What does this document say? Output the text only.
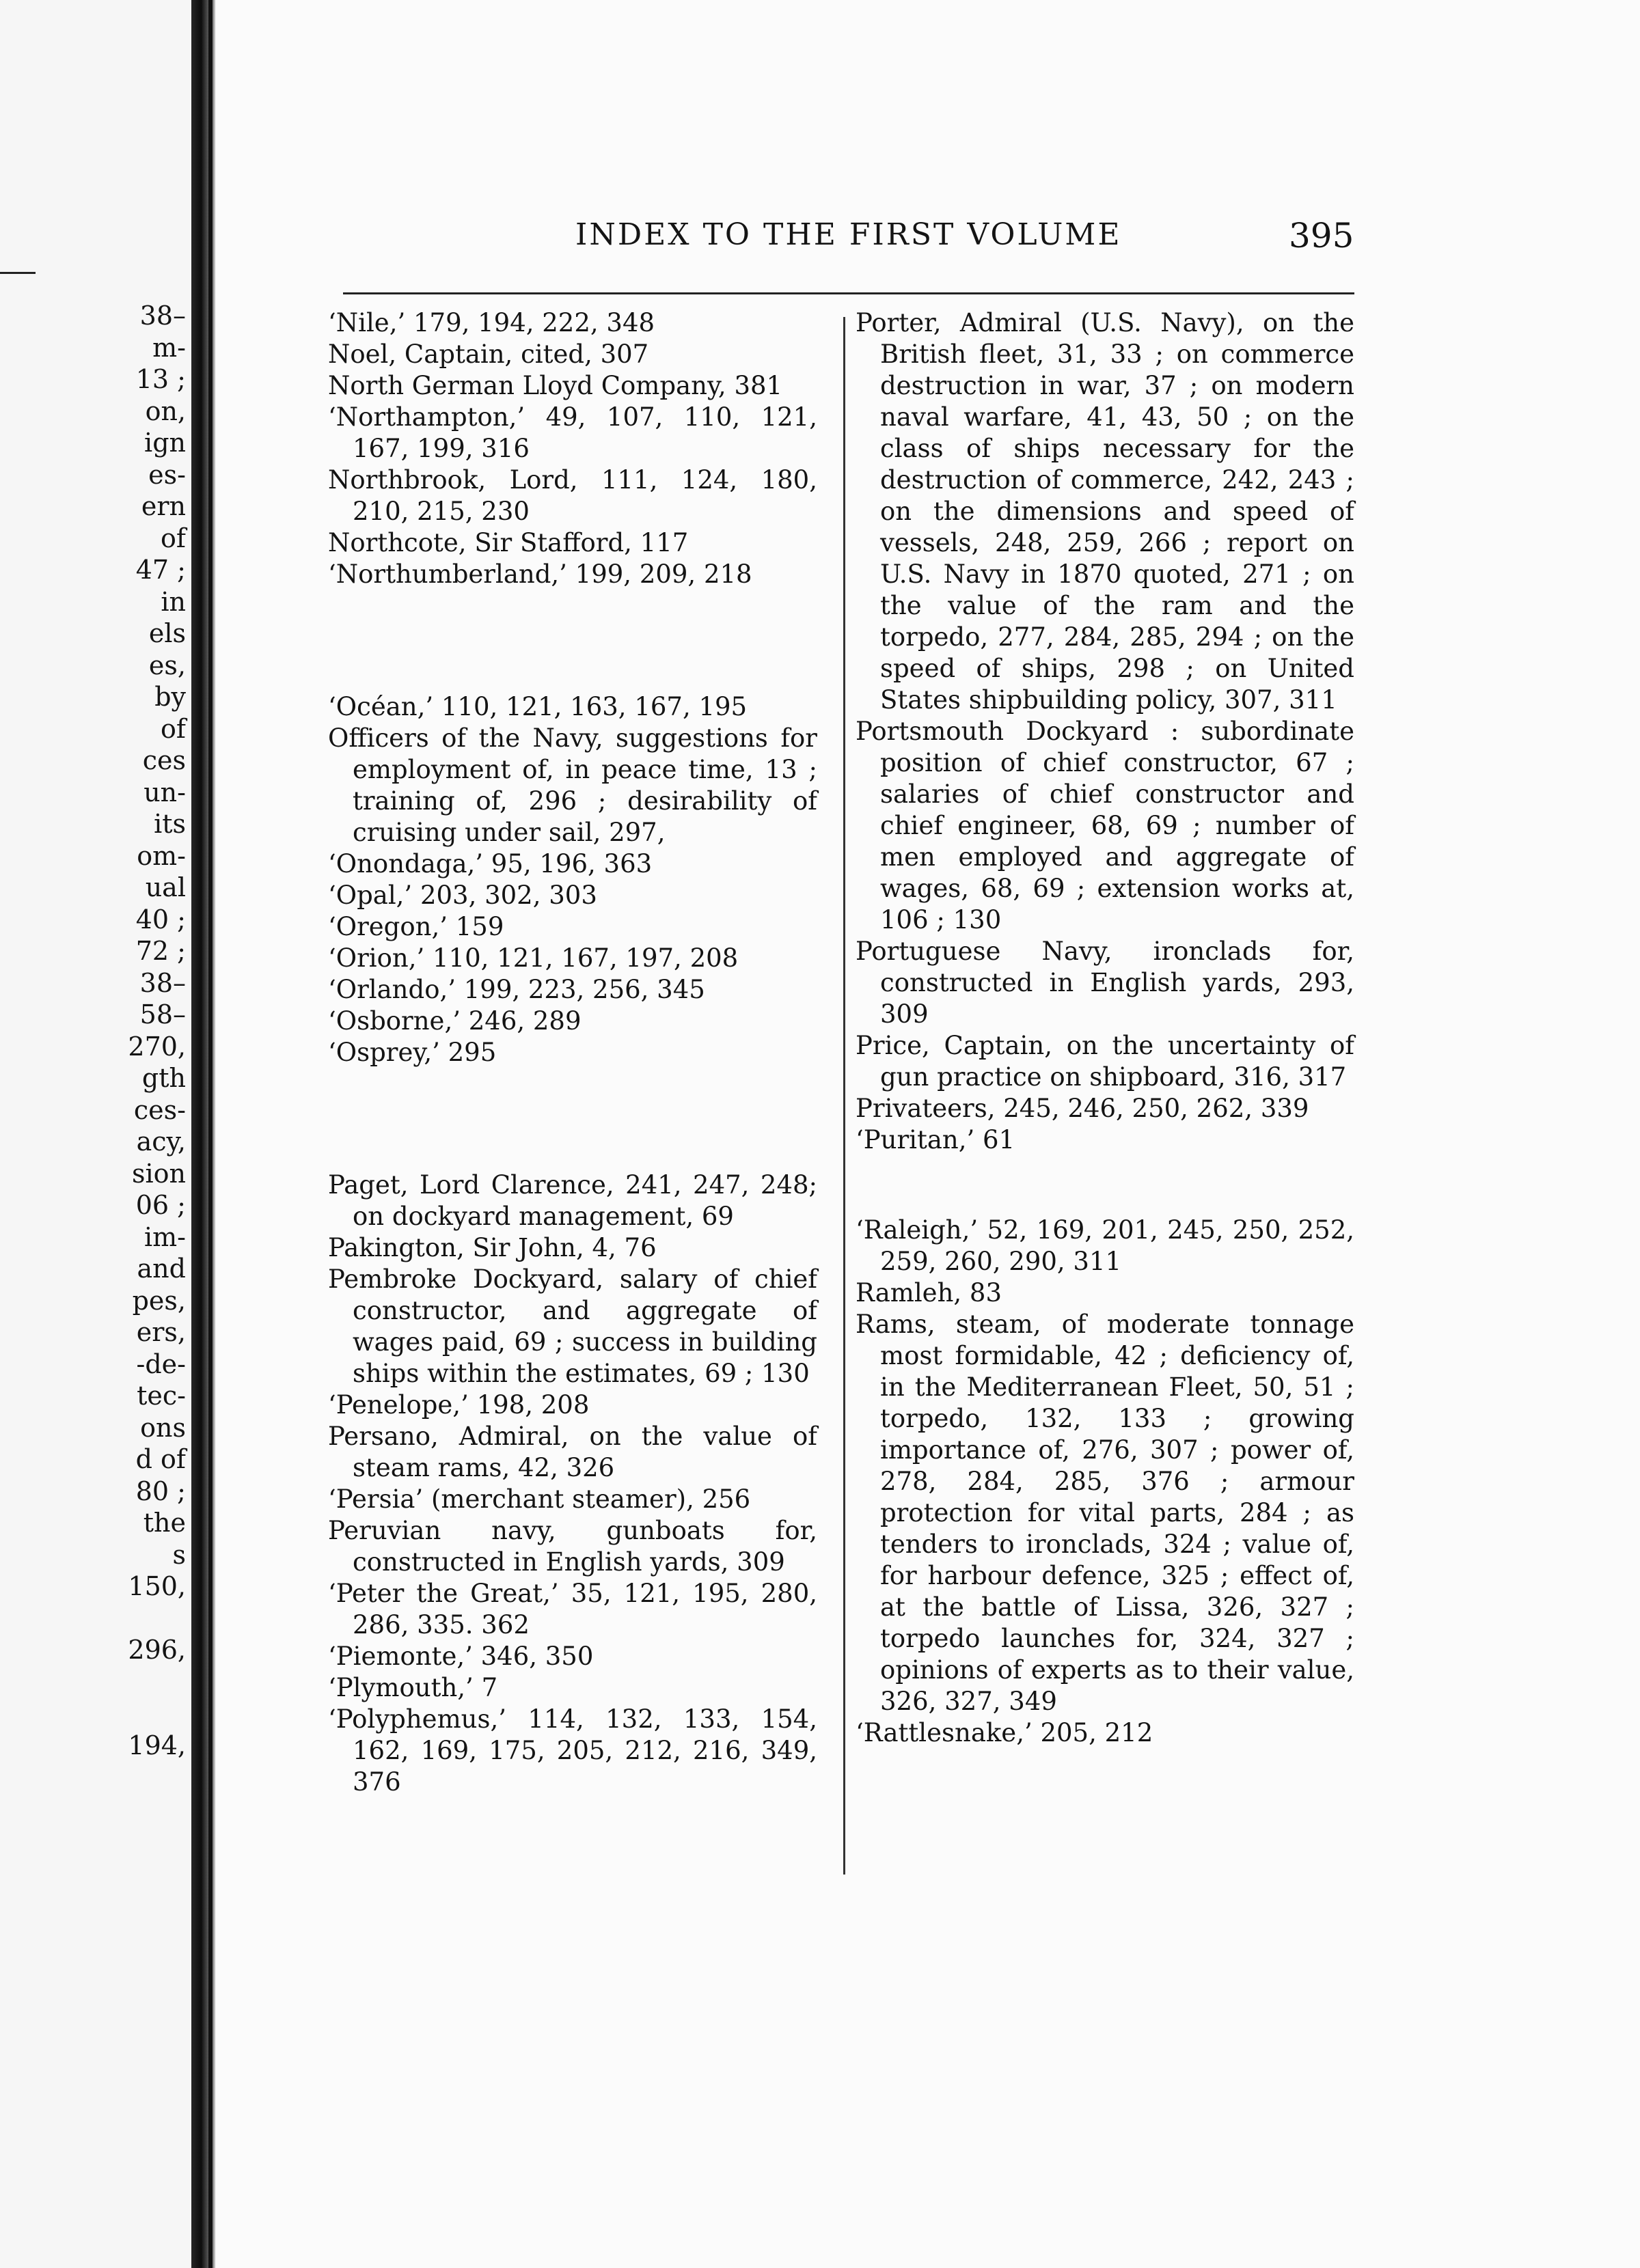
38–
m-
13 ;
on,
ign
es-
ern
of
47 ;
in
els
es,
by
of
ces
un-
its
om-
ual
40 ;
72 ;
38–
58–
270,
gth
ces-
acy,
sion
06 ;
im-
and
pes,
ers,
-de-
tec-
ons
d of
80 ;
the
s
150,
296,
194,
INDEX TO THE FIRST VOLUME	395

‘Nile,’ 179, 194, 222, 348

Noel, Captain, cited, 307

North German Lloyd Company, 381

‘Northampton,’ 49, 107, 110, 121, 167, 199, 316

Northbrook, Lord, 111, 124, 180, 210, 215, 230

Northcote, Sir Stafford, 117

‘Northumberland,’ 199, 209, 218

‘Océan,’ 110, 121, 163, 167, 195

Officers of the Navy, suggestions for employment of, in peace time, 13 ; training of, 296 ; desirability of cruising under sail, 297,

‘Onondaga,’ 95, 196, 363

‘Opal,’ 203, 302, 303

‘Oregon,’ 159

‘Orion,’ 110, 121, 167, 197, 208

‘Orlando,’ 199, 223, 256, 345

‘Osborne,’ 246, 289

‘Osprey,’ 295

Paget, Lord Clarence, 241, 247, 248; on dockyard management, 69

Pakington, Sir John, 4, 76

Pembroke Dockyard, salary of chief constructor, and aggregate of wages paid, 69 ; success in building ships within the estimates, 69 ; 130

‘Penelope,’ 198, 208

Persano, Admiral, on the value of steam rams, 42, 326

‘Persia’ (merchant steamer), 256

Peruvian navy, gunboats for, constructed in English yards, 309

‘Peter the Great,’ 35, 121, 195, 280, 286, 335. 362

‘Piemonte,’ 346, 350

‘Plymouth,’ 7

‘Polyphemus,’ 114, 132, 133, 154, 162, 169, 175, 205, 212, 216, 349, 376

Porter, Admiral (U.S. Navy), on the British fleet, 31, 33 ; on commerce destruction in war, 37 ; on modern naval warfare, 41, 43, 50 ; on the class of ships necessary for the destruction of commerce, 242, 243 ; on the dimensions and speed of vessels, 248, 259, 266 ; report on U.S. Navy in 1870 quoted, 271 ; on the value of the ram and the torpedo, 277, 284, 285, 294 ; on the speed of ships, 298 ; on United States shipbuilding policy, 307, 311

Portsmouth Dockyard : subordinate position of chief constructor, 67 ; salaries of chief constructor and chief engineer, 68, 69 ; number of men employed and aggregate of wages, 68, 69 ; extension works at, 106 ; 130

Portuguese Navy, ironclads for, constructed in English yards, 293, 309

Price, Captain, on the uncertainty of gun practice on shipboard, 316, 317

Privateers, 245, 246, 250, 262, 339

‘Puritan,’ 61

‘Raleigh,’ 52, 169, 201, 245, 250, 252, 259, 260, 290, 311

Ramleh, 83

Rams, steam, of moderate tonnage most formidable, 42 ; deficiency of, in the Mediterranean Fleet, 50, 51 ; torpedo, 132, 133 ; growing importance of, 276, 307 ; power of, 278, 284, 285, 376 ; armour protection for vital parts, 284 ; as tenders to ironclads, 324 ; value of, for harbour defence, 325 ; effect of, at the battle of Lissa, 326, 327 ; torpedo launches for, 324, 327 ; opinions of experts as to their value, 326, 327, 349

‘Rattlesnake,’ 205, 212
